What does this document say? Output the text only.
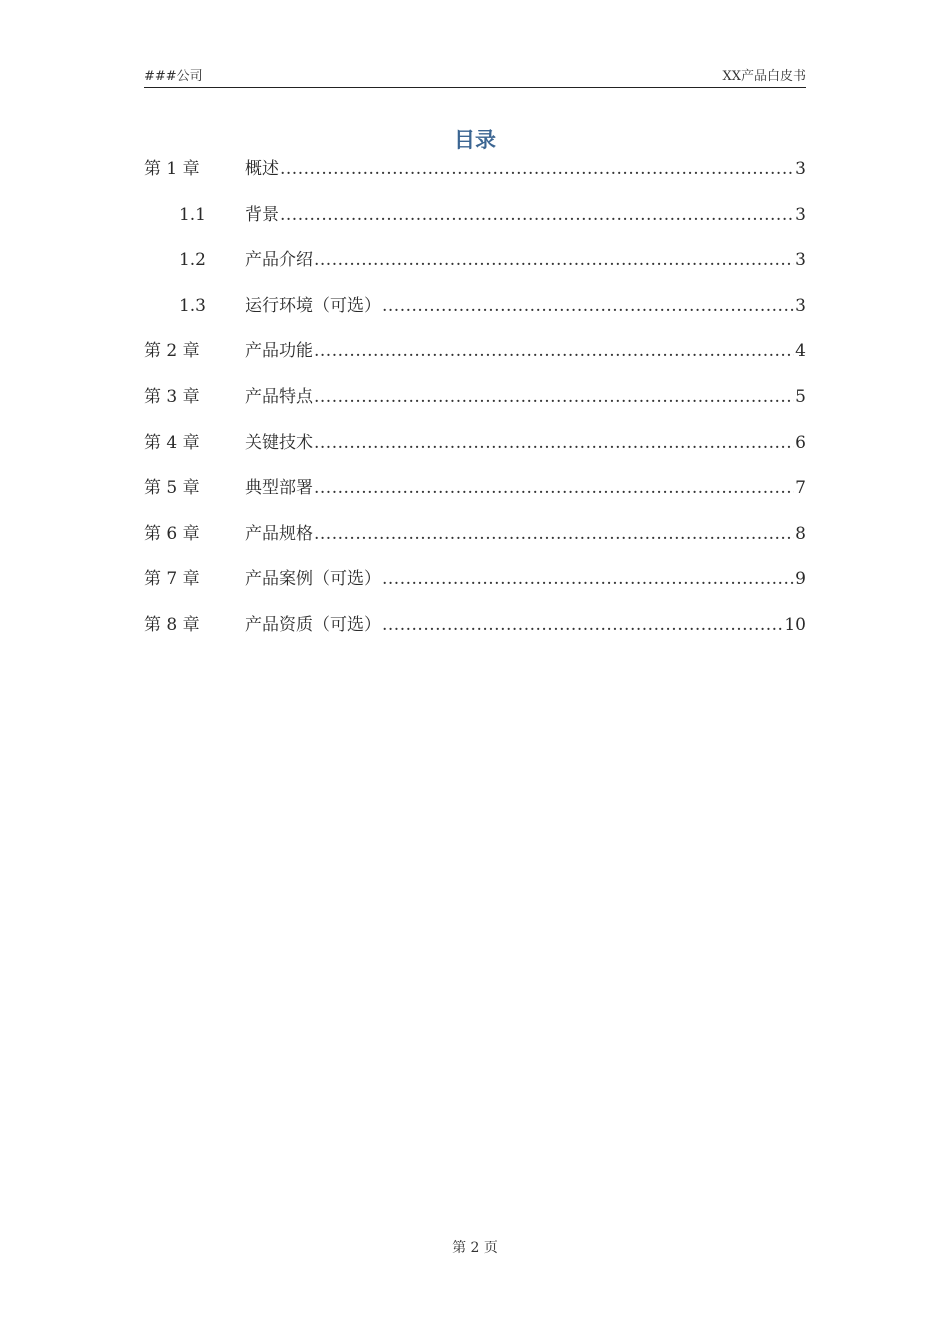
###公司	XX产品白皮书
目录
第 1 章	概述 .....	3
1.1 背景 .....	3
1.2 产品介绍 .....	3
1.3 运行环境（可选） .....	3
第 2 章	产品功能 .....	4
第 3 章	产品特点 .....	5
第 4 章	关键技术 .....	6
第 5 章	典型部署 .....	7
第 6 章	产品规格 .....	8
第 7 章	产品案例（可选） .....	9
第 8 章	产品资质（可选） .....	10
第 2 页
